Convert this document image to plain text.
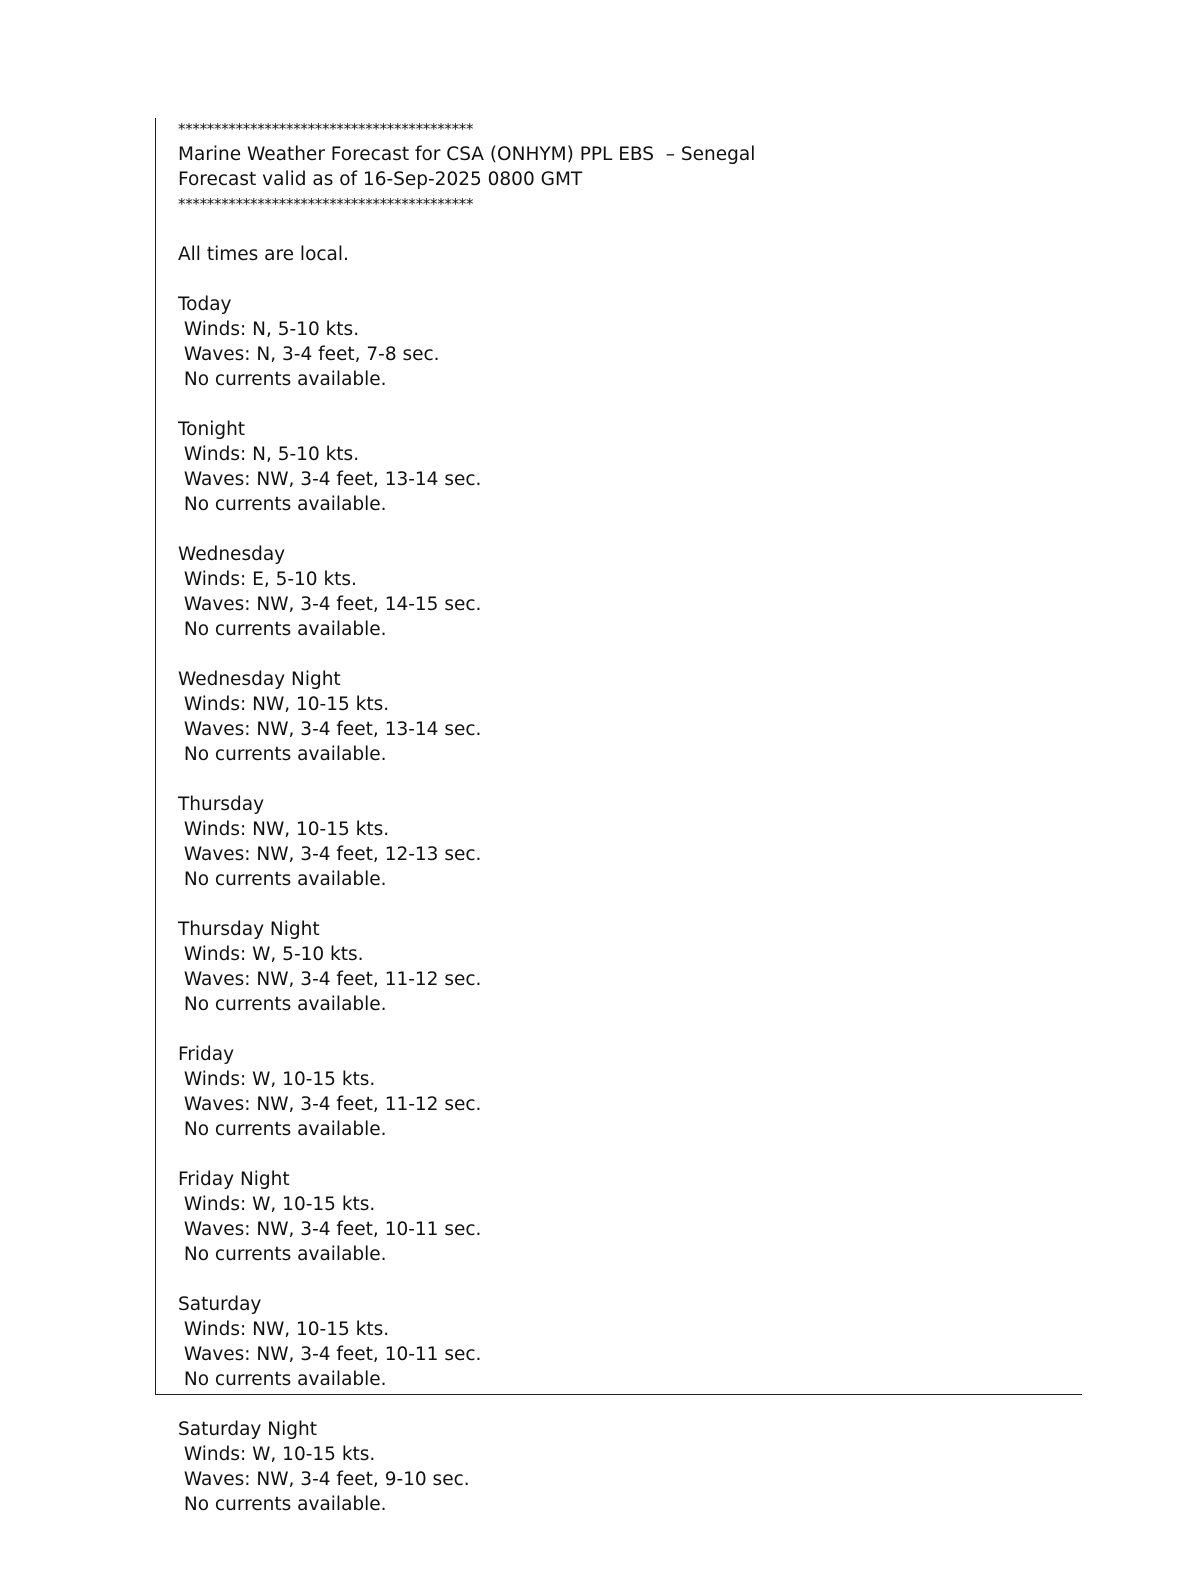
*****************************************
Marine Weather Forecast for CSA (ONHYM) PPL EBS  – Senegal
Forecast valid as of 16-Sep-2025 0800 GMT
*****************************************
All times are local.
Today
Winds: N, 5-10 kts.
Waves: N, 3-4 feet, 7-8 sec.
No currents available.
Tonight
Winds: N, 5-10 kts.
Waves: NW, 3-4 feet, 13-14 sec.
No currents available.
Wednesday
Winds: E, 5-10 kts.
Waves: NW, 3-4 feet, 14-15 sec.
No currents available.
Wednesday Night
Winds: NW, 10-15 kts.
Waves: NW, 3-4 feet, 13-14 sec.
No currents available.
Thursday
Winds: NW, 10-15 kts.
Waves: NW, 3-4 feet, 12-13 sec.
No currents available.
Thursday Night
Winds: W, 5-10 kts.
Waves: NW, 3-4 feet, 11-12 sec.
No currents available.
Friday
Winds: W, 10-15 kts.
Waves: NW, 3-4 feet, 11-12 sec.
No currents available.
Friday Night
Winds: W, 10-15 kts.
Waves: NW, 3-4 feet, 10-11 sec.
No currents available.
Saturday
Winds: NW, 10-15 kts.
Waves: NW, 3-4 feet, 10-11 sec.
No currents available.
Saturday Night
Winds: W, 10-15 kts.
Waves: NW, 3-4 feet, 9-10 sec.
No currents available.
